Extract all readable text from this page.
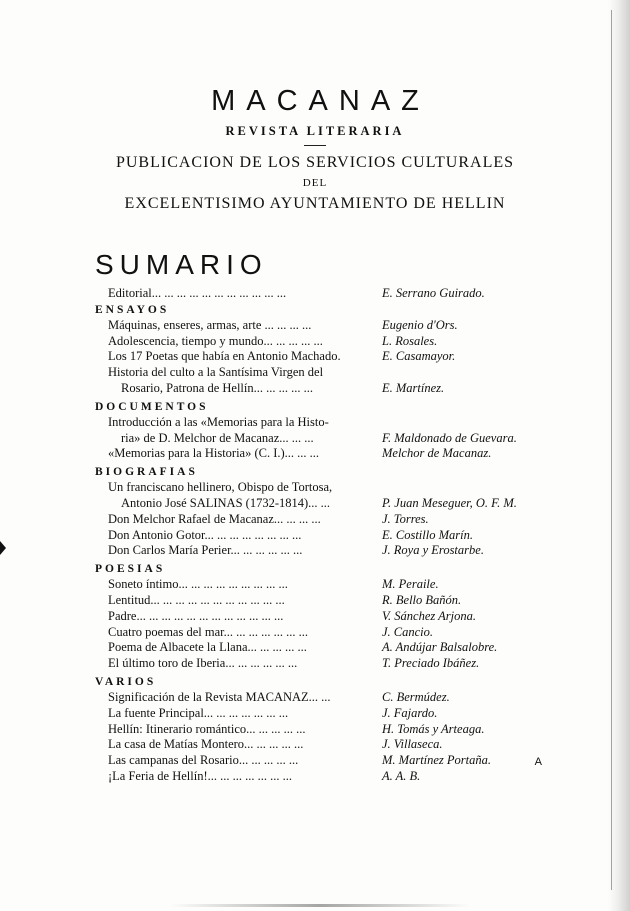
MACANAZ
REVISTA LITERARIA
PUBLICACION DE LOS SERVICIOS CULTURALES
DEL
EXCELENTISIMO AYUNTAMIENTO DE HELLIN
SUMARIO
Editorial... ... ... ... ... ... ... ... ... ... ...	E. Serrano Guirado.
ENSAYOS
Máquinas, enseres, armas, arte ... ... ... ...	Eugenio d'Ors.
Adolescencia, tiempo y mundo... ... ... ... ...	L. Rosales.
Los 17 Poetas que había en Antonio Machado.	E. Casamayor.
Historia del culto a la Santísima Virgen del
Rosario, Patrona de Hellín... ... ... ... ...	E. Martínez.
DOCUMENTOS
Introducción a las «Memorias para la Histo-
ria» de D. Melchor de Macanaz... ... ...	F. Maldonado de Guevara.
«Memorias para la Historia» (C. I.)... ... ...	Melchor de Macanaz.
BIOGRAFIAS
Un franciscano hellinero, Obispo de Tortosa,
Antonio José SALINAS (1732-1814)... ...	P. Juan Meseguer, O. F. M.
Don Melchor Rafael de Macanaz... ... ... ...	J. Torres.
Don Antonio Gotor... ... ... ... ... ... ... ...	E. Costillo Marín.
Don Carlos María Perier... ... ... ... ... ...	J. Roya y Erostarbe.
POESIAS
Soneto íntimo... ... ... ... ... ... ... ... ...	M. Peraile.
Lentitud... ... ... ... ... ... ... ... ... ... ...	R. Bello Bañón.
Padre... ... ... ... ... ... ... ... ... ... ... ...	V. Sánchez Arjona.
Cuatro poemas del mar... ... ... ... ... ... ...	J. Cancio.
Poema de Albacete la Llana... ... ... ... ...	A. Andújar Balsalobre.
El último toro de Iberia... ... ... ... ... ...	T. Preciado Ibáñez.
VARIOS
Significación de la Revista MACANAZ... ...	C. Bermúdez.
La fuente Principal... ... ... ... ... ... ...	J. Fajardo.
Hellín: Itinerario romántico... ... ... ... ...	H. Tomás y Arteaga.
La casa de Matías Montero... ... ... ... ...	J. Villaseca.
Las campanas del Rosario... ... ... ... ...	M. Martínez Portaña.
¡La Feria de Hellín!... ... ... ... ... ... ...	A. A. B.
A
